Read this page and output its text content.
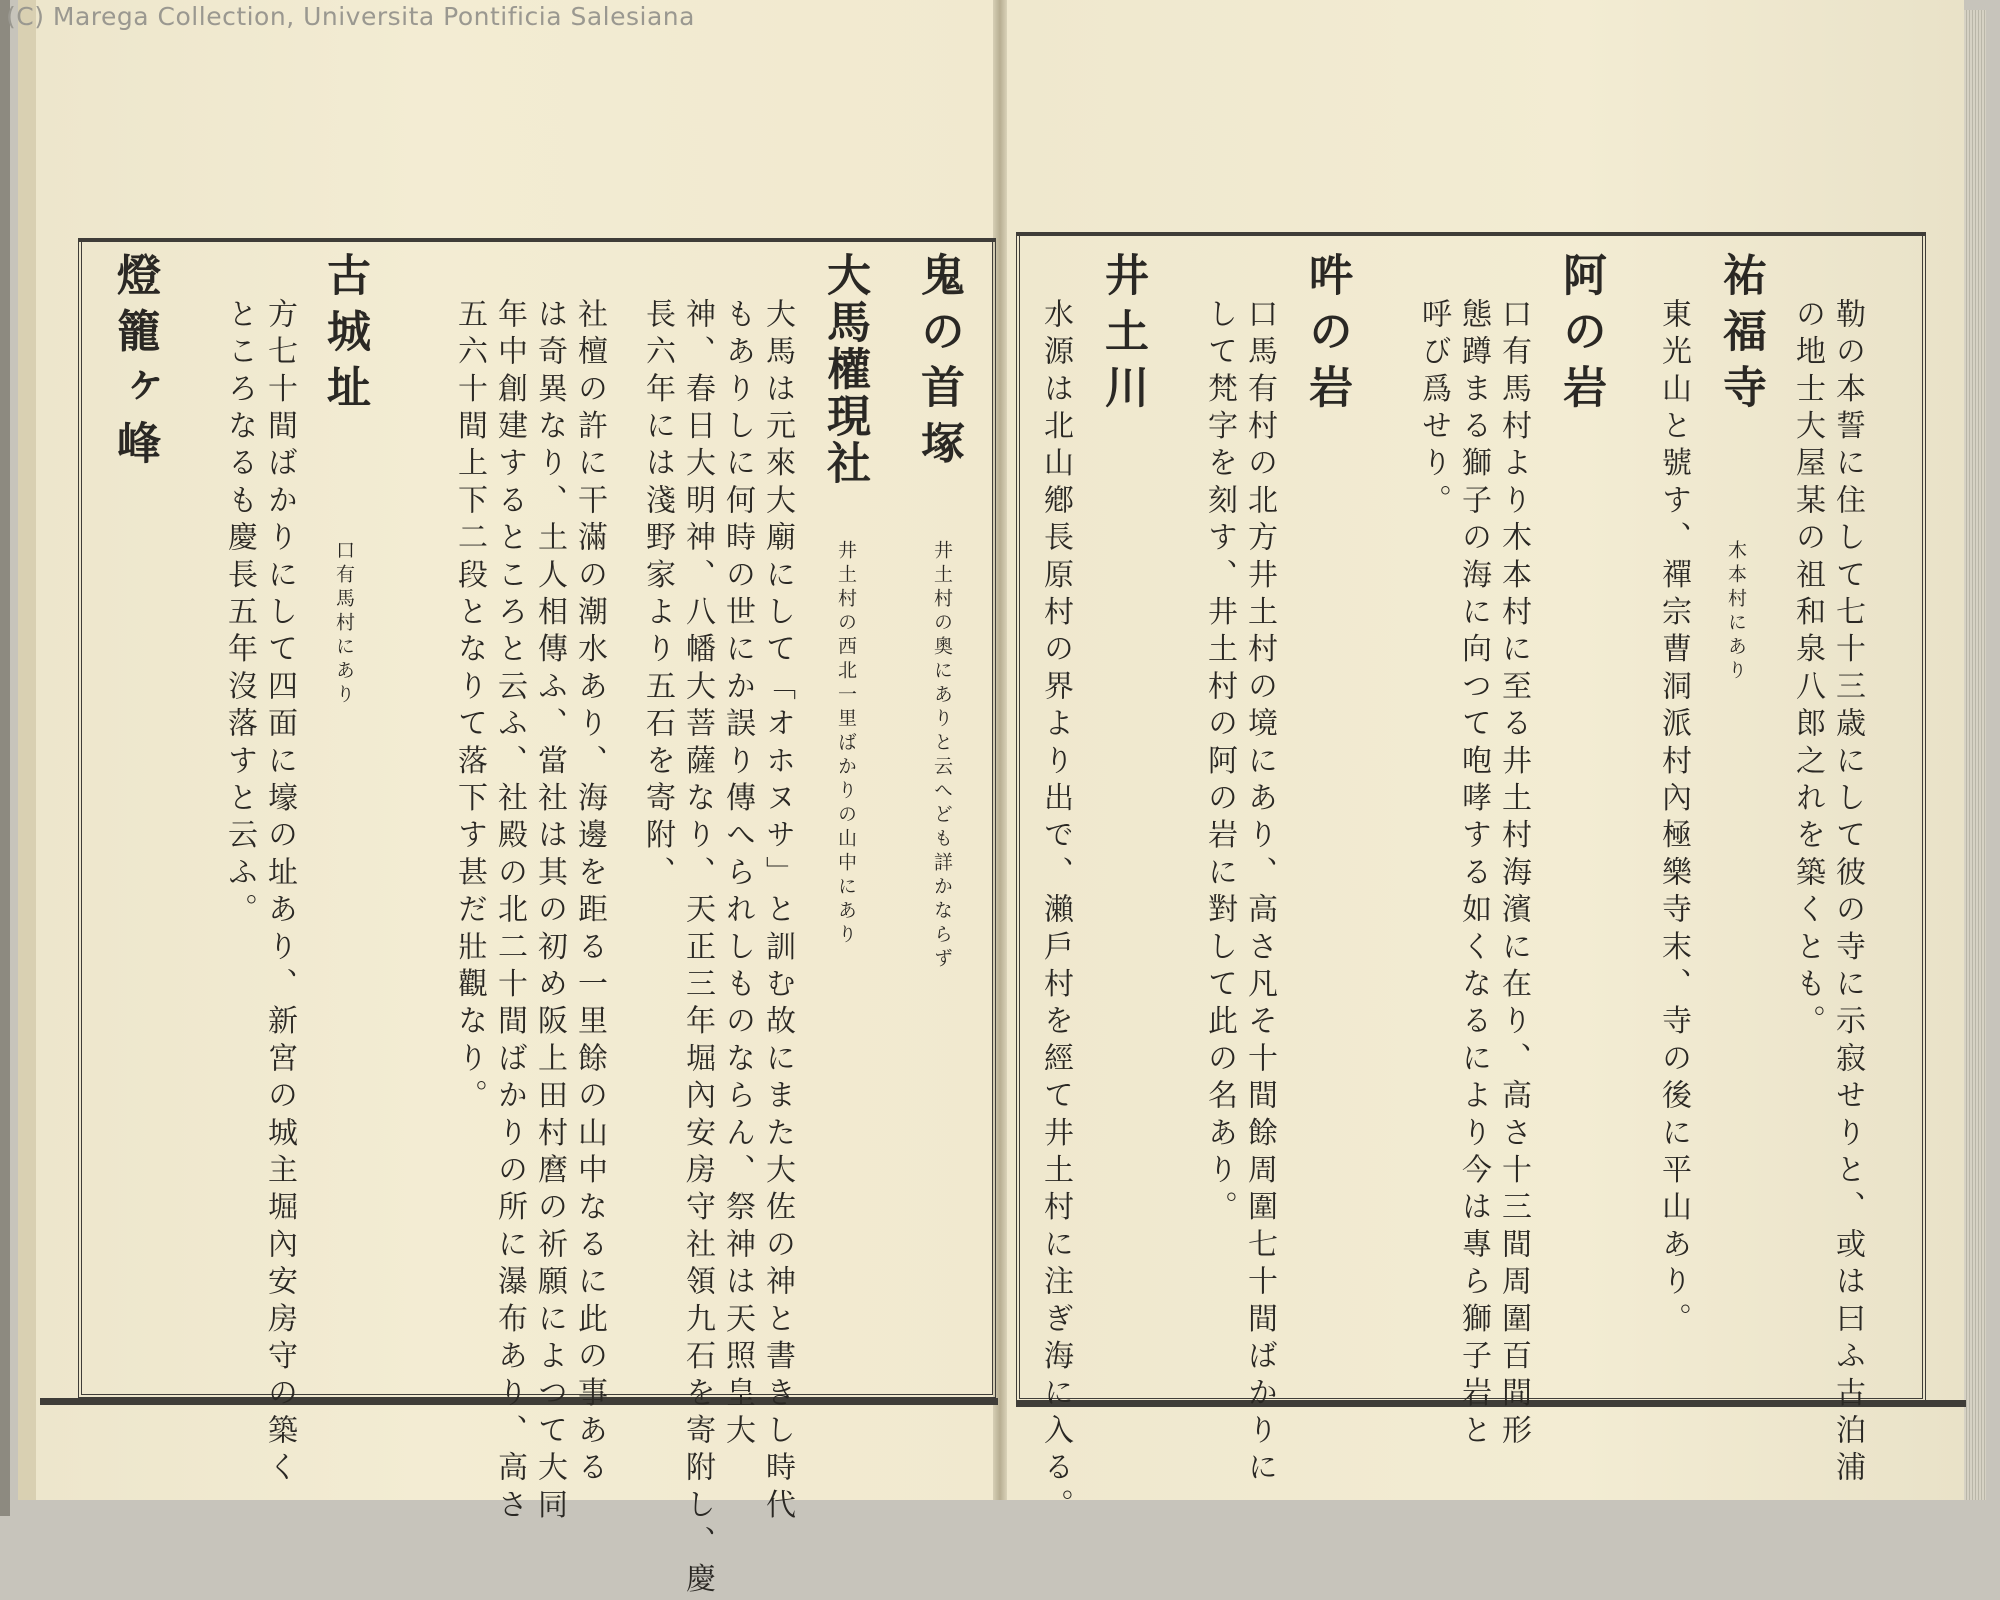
(C) Marega Collection, Universita Pontificia Salesiana
勒の本誓に住して七十三歳にして彼の寺に示寂せりと、或は曰ふ古泊浦
の地士大屋某の祖和泉八郎之れを築くとも。
祐福寺
木本村にあり
東光山と號す、禪宗曹洞派村內極樂寺末、寺の後に平山あり。
阿の岩
口有馬村より木本村に至る井土村海濱に在り、高さ十三間周圍百間形
態蹲まる獅子の海に向つて咆哮する如くなるにより今は專ら獅子岩と
呼び爲せり。
吽の岩
口馬有村の北方井土村の境にあり、高さ凡そ十間餘周圍七十間ばかりに
して梵字を刻す、井土村の阿の岩に對して此の名あり。
井土川
水源は北山鄕長原村の界より出で、瀨戶村を經て井土村に注ぎ海に入る。
鬼の首塚
井土村の奧にありと云へども詳かならず
大馬權現社
井土村の西北一里ばかりの山中にあり
大馬は元來大廟にして「オホヌサ」と訓む故にまた大佐の神と書きし時代
もありしに何時の世にか誤り傳へられしものならん、祭神は天照皇大
神、春日大明神、八幡大菩薩なり、天正三年堀內安房守社領九石を寄附し、慶
長六年には淺野家より五石を寄附、
社檀の許に干滿の潮水あり、海邊を距る一里餘の山中なるに此の事ある
は奇異なり、土人相傳ふ、當社は其の初め阪上田村麿の祈願によつて大同
年中創建するところと云ふ、社殿の北二十間ばかりの所に瀑布あり、高さ
五六十間上下二段となりて落下す甚だ壯觀なり。
古城址
口有馬村にあり
方七十間ばかりにして四面に壕の址あり、新宮の城主堀內安房守の築く
ところなるも慶長五年沒落すと云ふ。
燈籠ヶ峰
